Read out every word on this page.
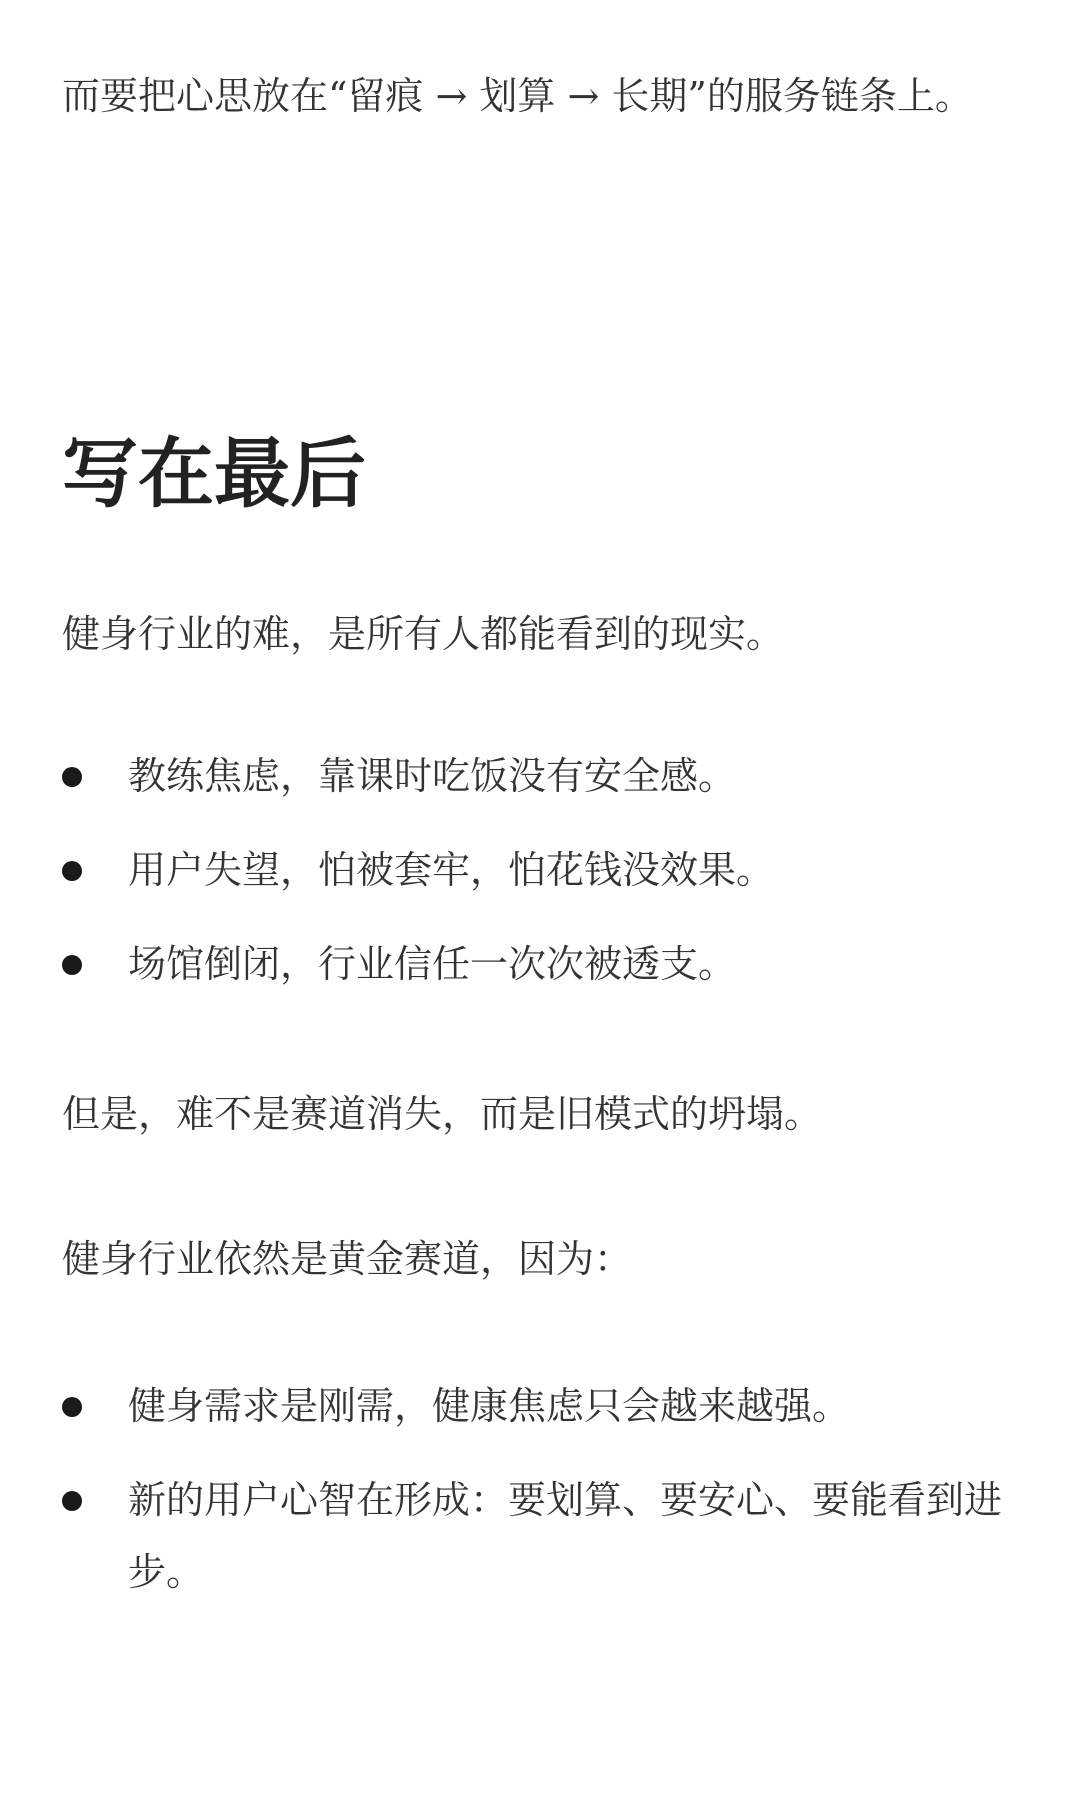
而要把心思放在“留痕 → 划算 → 长期”的服务链条上。

写在最后

健身行业的难，是所有人都能看到的现实。

教练焦虑，靠课时吃饭没有安全感。
用户失望，怕被套牢，怕花钱没效果。
场馆倒闭，行业信任一次次被透支。

但是，难不是赛道消失，而是旧模式的坍塌。

健身行业依然是黄金赛道，因为：

健身需求是刚需，健康焦虑只会越来越强。
新的用户心智在形成：要划算、要安心、要能看到进步。
